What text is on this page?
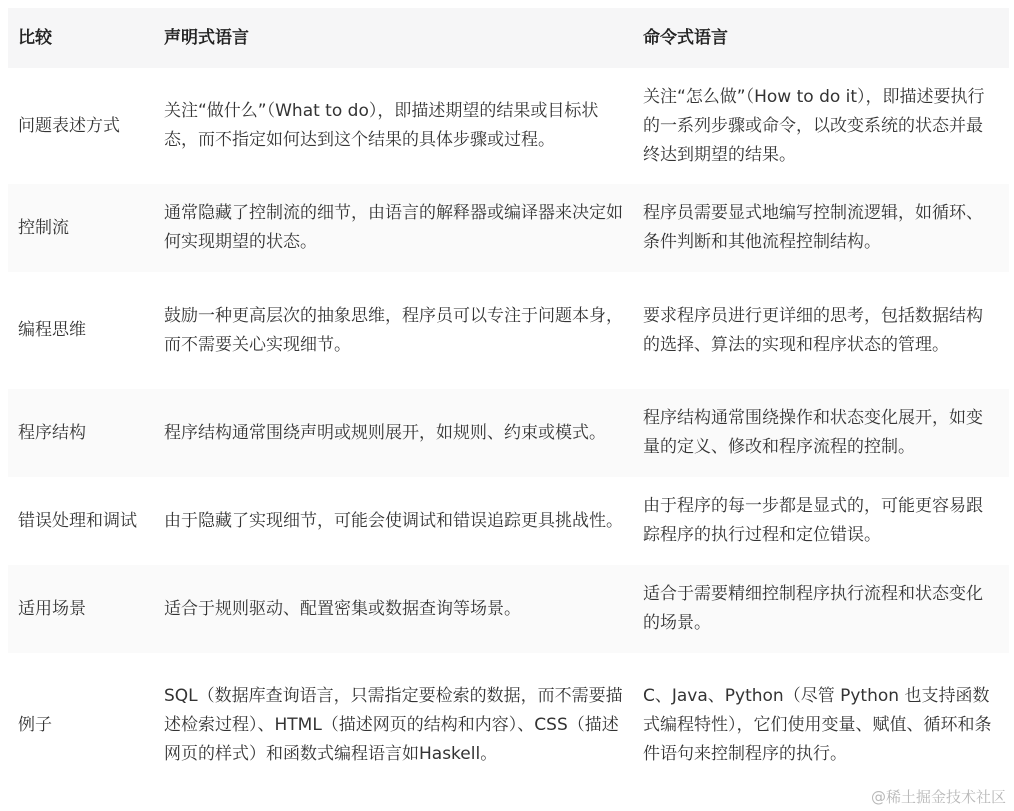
比较	声明式语言	命令式语言
问题表述方式	关注“做什么”（What to do），即描述期望的结果或目标状态，而不指定如何达到这个结果的具体步骤或过程。	关注“怎么做”（How to do it），即描述要执行的一系列步骤或命令，以改变系统的状态并最终达到期望的结果。
控制流	通常隐藏了控制流的细节，由语言的解释器或编译器来决定如何实现期望的状态。	程序员需要显式地编写控制流逻辑，如循环、条件判断和其他流程控制结构。
编程思维	鼓励一种更高层次的抽象思维，程序员可以专注于问题本身，而不需要关心实现细节。	要求程序员进行更详细的思考，包括数据结构的选择、算法的实现和程序状态的管理。
程序结构	程序结构通常围绕声明或规则展开，如规则、约束或模式。	程序结构通常围绕操作和状态变化展开，如变量的定义、修改和程序流程的控制。
错误处理和调试	由于隐藏了实现细节，可能会使调试和错误追踪更具挑战性。	由于程序的每一步都是显式的，可能更容易跟踪程序的执行过程和定位错误。
适用场景	适合于规则驱动、配置密集或数据查询等场景。	适合于需要精细控制程序执行流程和状态变化的场景。
例子	SQL（数据库查询语言，只需指定要检索的数据，而不需要描述检索过程）、HTML（描述网页的结构和内容）、CSS（描述网页的样式）和函数式编程语言如Haskell。	C、Java、Python（尽管 Python 也支持函数式编程特性），它们使用变量、赋值、循环和条件语句来控制程序的执行。
@稀土掘金技术社区
